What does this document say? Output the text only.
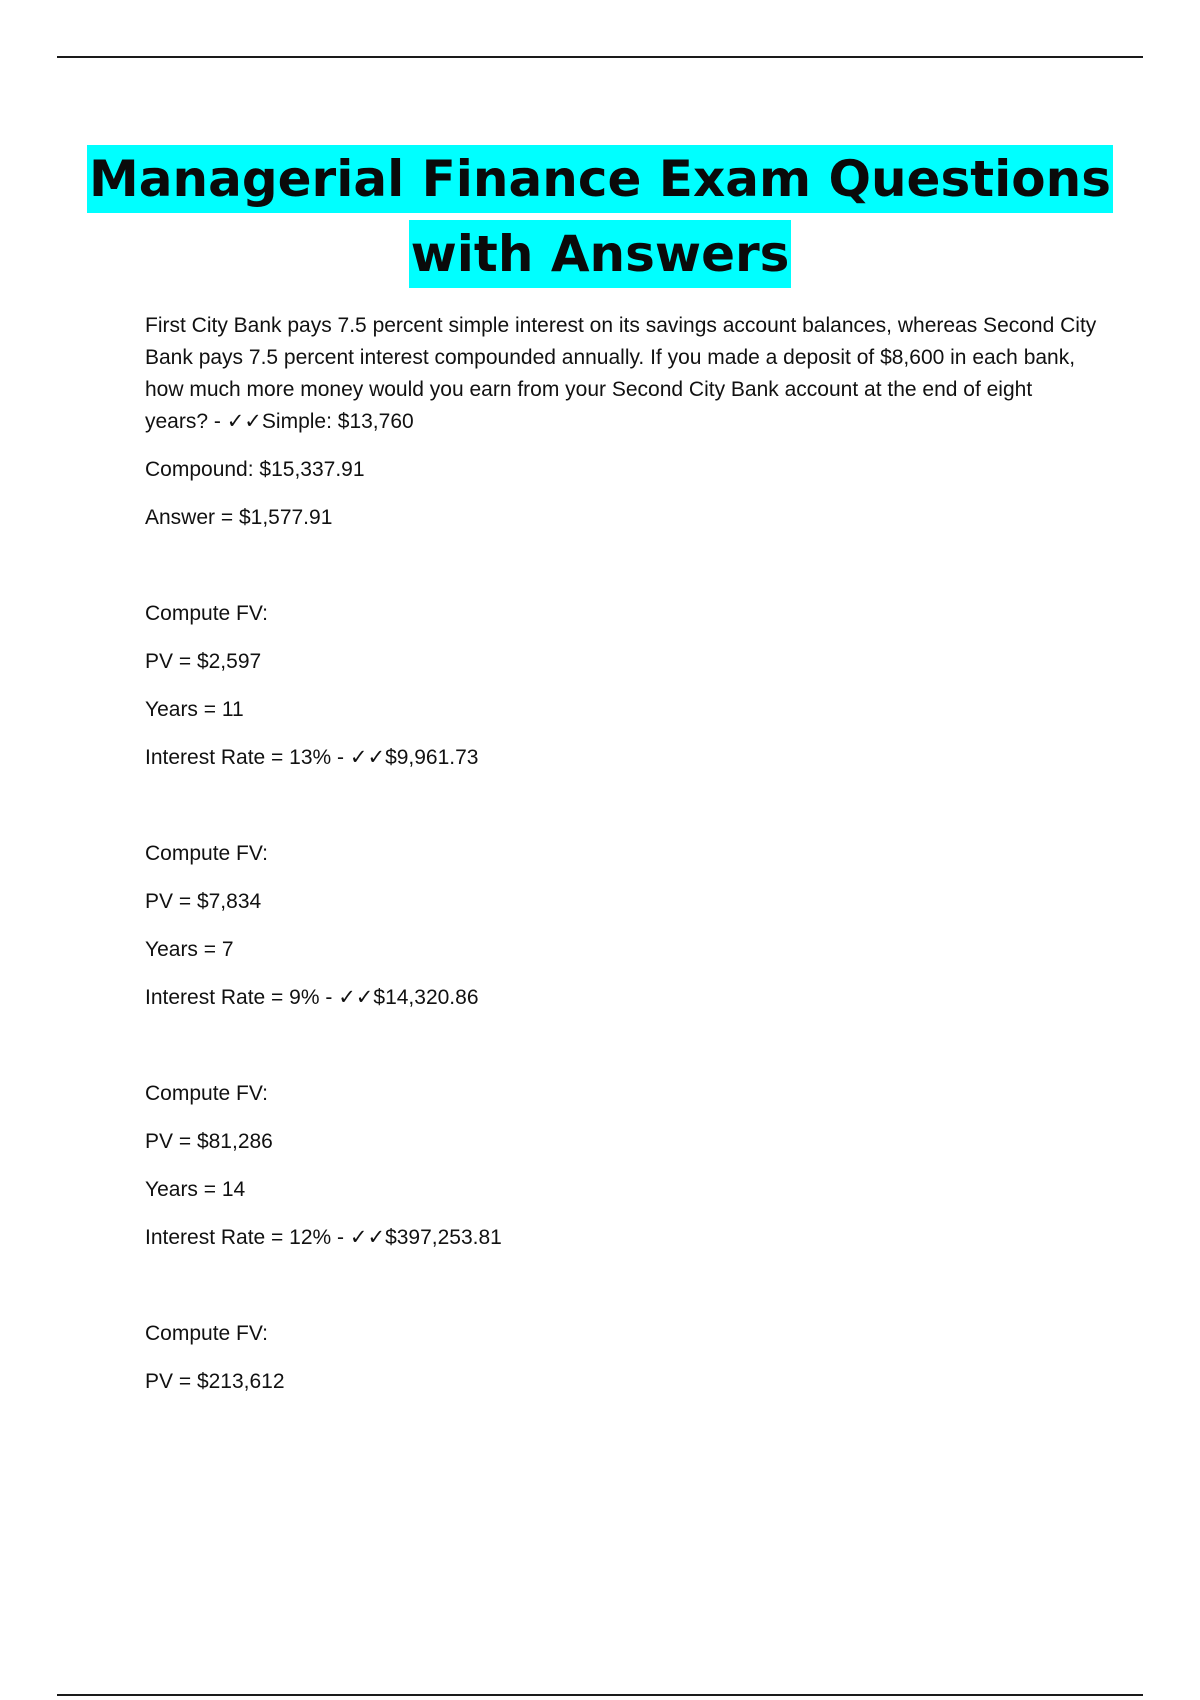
Managerial Finance Exam Questions
with Answers
First City Bank pays 7.5 percent simple interest on its savings account balances, whereas Second City Bank pays 7.5 percent interest compounded annually. If you made a deposit of $8,600 in each bank, how much more money would you earn from your Second City Bank account at the end of eight years? - ✓✓Simple: $13,760
Compound: $15,337.91
Answer = $1,577.91
Compute FV:
PV = $2,597
Years = 11
Interest Rate = 13% - ✓✓$9,961.73
Compute FV:
PV = $7,834
Years = 7
Interest Rate = 9% - ✓✓$14,320.86
Compute FV:
PV = $81,286
Years = 14
Interest Rate = 12% - ✓✓$397,253.81
Compute FV:
PV = $213,612
